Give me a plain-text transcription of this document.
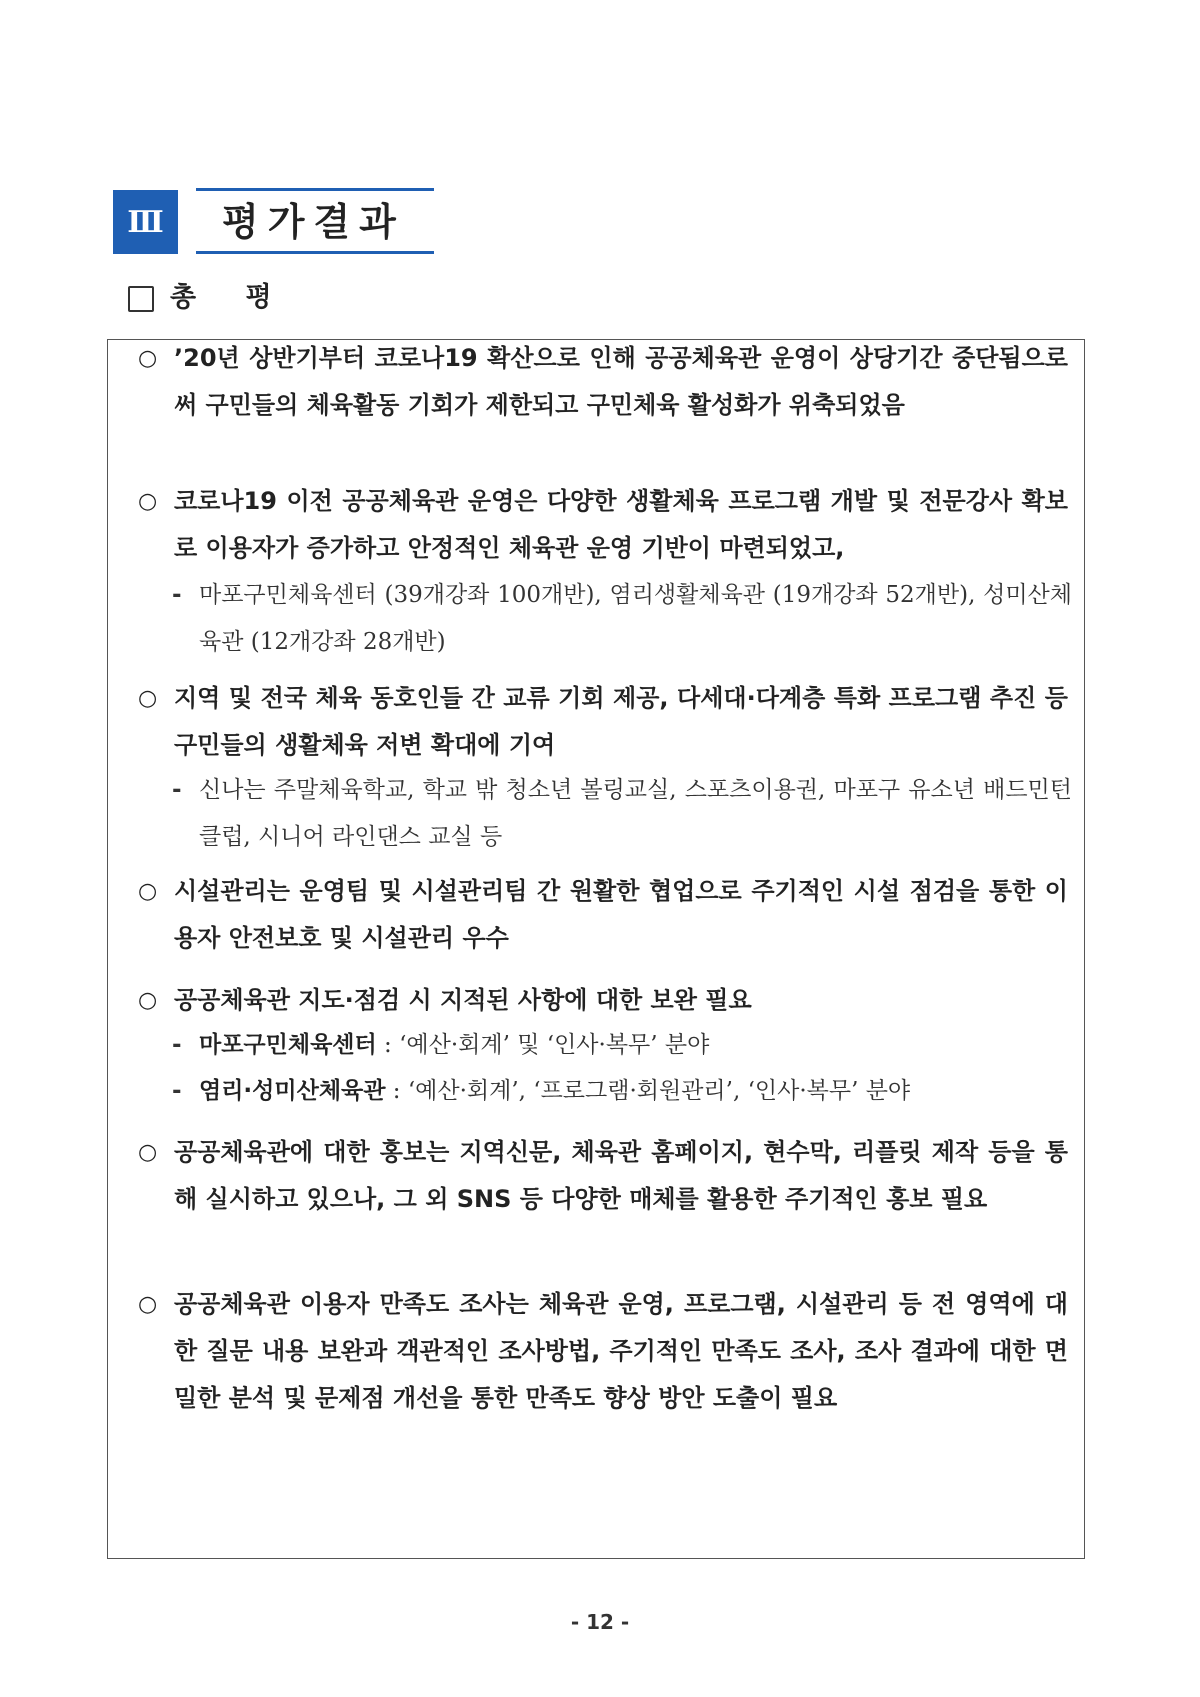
Ⅲ	평가결과
총 평
○ ’20년 상반기부터 코로나19 확산으로 인해 공공체육관 운영이 상당기간 중단됨으로써 구민들의 체육활동 기회가 제한되고 구민체육 활성화가 위축되었음
○ 코로나19 이전 공공체육관 운영은 다양한 생활체육 프로그램 개발 및 전문강사 확보로 이용자가 증가하고 안정적인 체육관 운영 기반이 마련되었고,
- 마포구민체육센터 (39개강좌 100개반), 염리생활체육관 (19개강좌 52개반), 성미산체육관 (12개강좌 28개반)
○ 지역 및 전국 체육 동호인들 간 교류 기회 제공, 다세대·다계층 특화 프로그램 추진 등 구민들의 생활체육 저변 확대에 기여
- 신나는 주말체육학교, 학교 밖 청소년 볼링교실, 스포츠이용권, 마포구 유소년 배드민턴 클럽, 시니어 라인댄스 교실 등
○ 시설관리는 운영팀 및 시설관리팀 간 원활한 협업으로 주기적인 시설 점검을 통한 이용자 안전보호 및 시설관리 우수
○ 공공체육관 지도·점검 시 지적된 사항에 대한 보완 필요
- 마포구민체육센터 : ‘예산·회계’ 및 ‘인사·복무’ 분야
- 염리·성미산체육관 : ‘예산·회계’, ‘프로그램·회원관리’, ‘인사·복무’ 분야
○ 공공체육관에 대한 홍보는 지역신문, 체육관 홈페이지, 현수막, 리플릿 제작 등을 통해 실시하고 있으나, 그 외 SNS 등 다양한 매체를 활용한 주기적인 홍보 필요
○ 공공체육관 이용자 만족도 조사는 체육관 운영, 프로그램, 시설관리 등 전 영역에 대한 질문 내용 보완과 객관적인 조사방법, 주기적인 만족도 조사, 조사 결과에 대한 면밀한 분석 및 문제점 개선을 통한 만족도 향상 방안 도출이 필요
- 12 -
